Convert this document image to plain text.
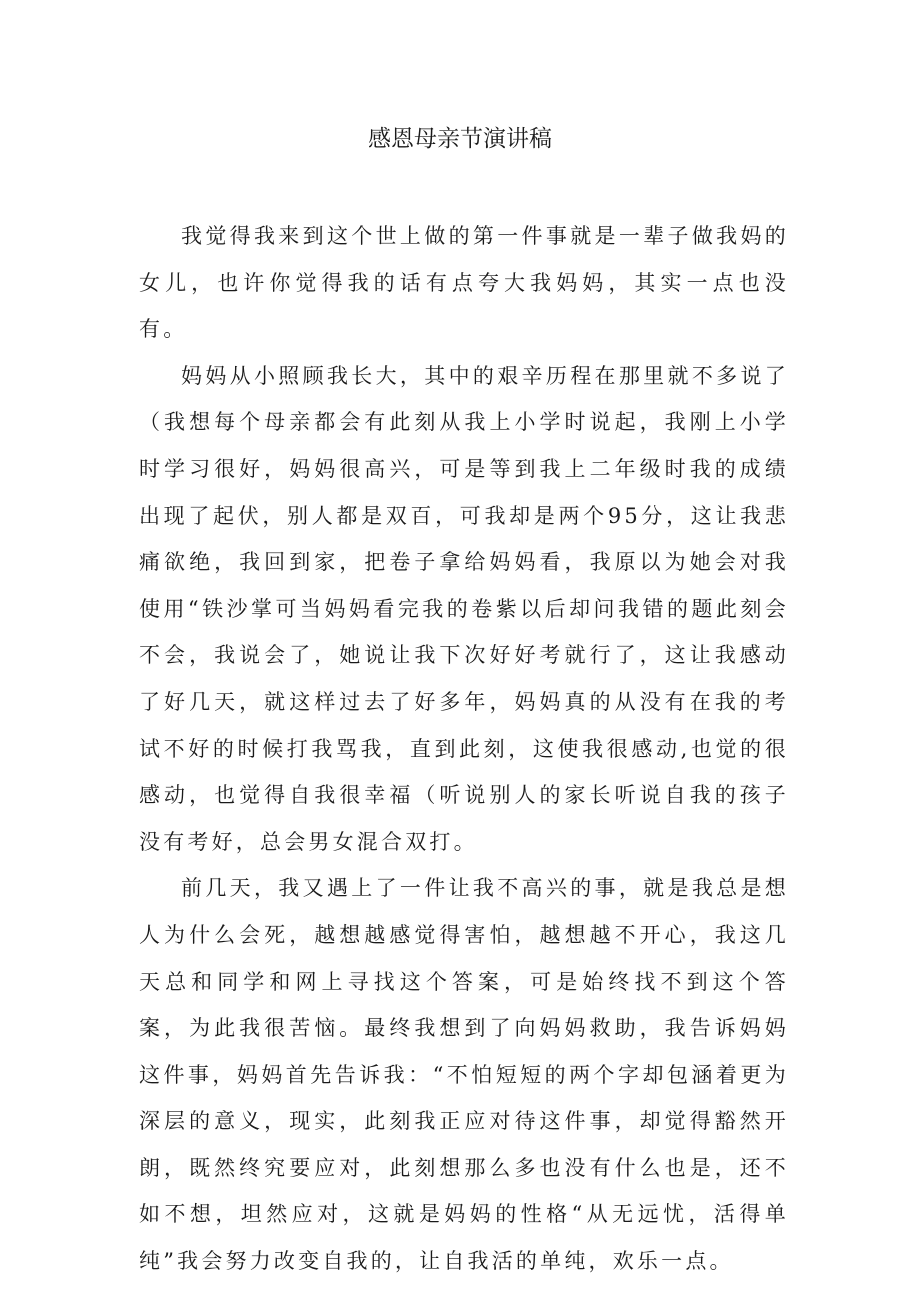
感恩母亲节演讲稿

我觉得我来到这个世上做的第一件事就是一辈子做我妈的女儿，也许你觉得我的话有点夸大我妈妈，其实一点也没有。

妈妈从小照顾我长大，其中的艰辛历程在那里就不多说了（我想每个母亲都会有此刻从我上小学时说起，我刚上小学时学习很好，妈妈很高兴，可是等到我上二年级时我的成绩出现了起伏，别人都是双百，可我却是两个95分，这让我悲痛欲绝，我回到家，把卷子拿给妈妈看，我原以为她会对我使用“铁沙掌可当妈妈看完我的卷紫以后却问我错的题此刻会不会，我说会了，她说让我下次好好考就行了，这让我感动了好几天，就这样过去了好多年，妈妈真的从没有在我的考试不好的时候打我骂我，直到此刻，这使我很感动,也觉的很感动，也觉得自我很幸福（听说别人的家长听说自我的孩子没有考好，总会男女混合双打。

前几天，我又遇上了一件让我不高兴的事，就是我总是想人为什么会死，越想越感觉得害怕，越想越不开心，我这几天总和同学和网上寻找这个答案，可是始终找不到这个答案，为此我很苦恼。最终我想到了向妈妈救助，我告诉妈妈这件事，妈妈首先告诉我：“不怕短短的两个字却包涵着更为深层的意义，现实，此刻我正应对待这件事，却觉得豁然开朗，既然终究要应对，此刻想那么多也没有什么也是，还不如不想，坦然应对，这就是妈妈的性格“从无远忧，活得单纯”我会努力改变自我的，让自我活的单纯，欢乐一点。
